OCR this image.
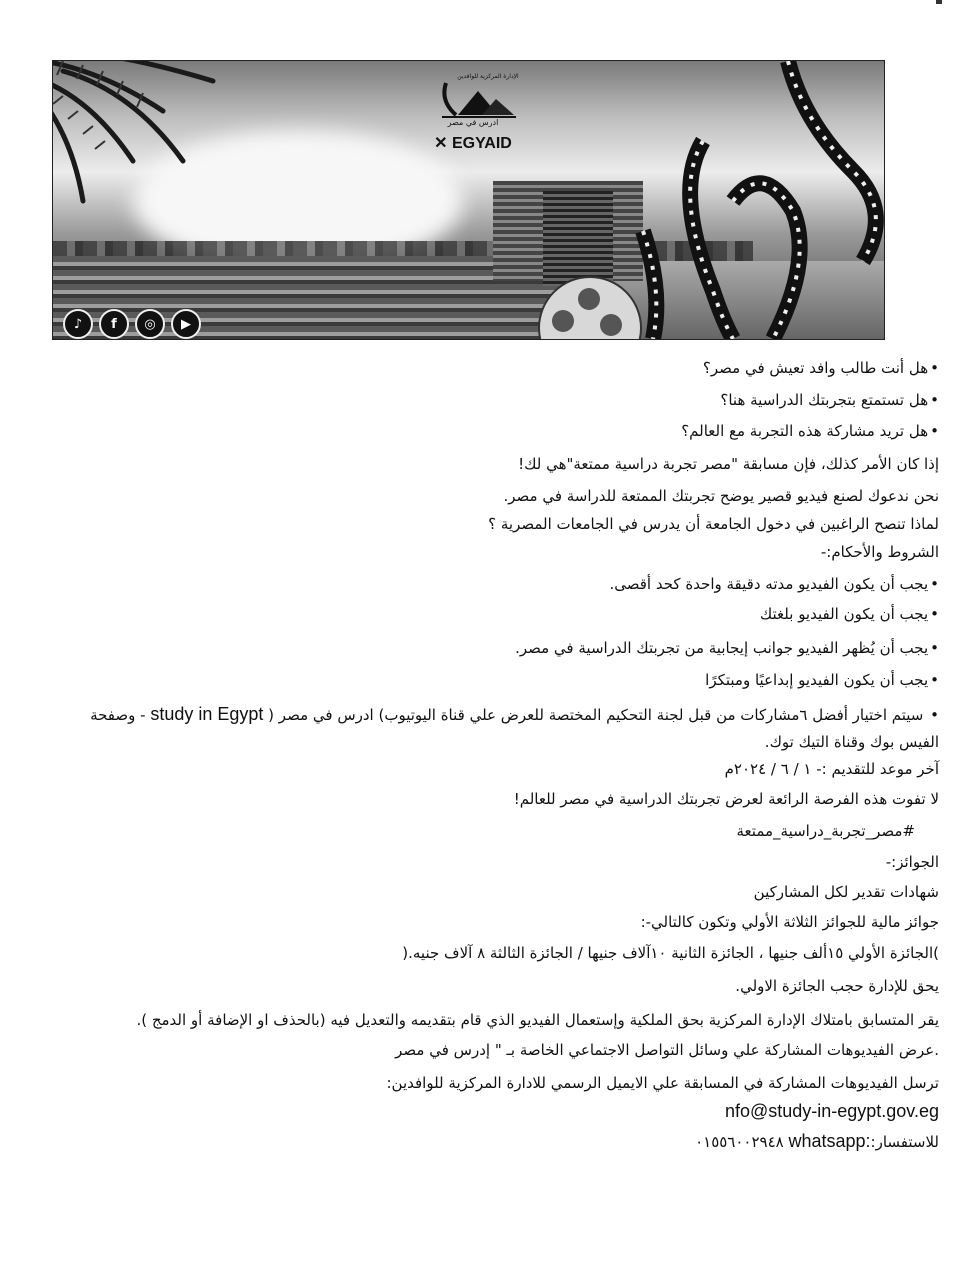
الإدارة المركزية للوافدين
ادرس في مصر
✕ EGYAID
♪	f	◎	▶
• هل أنت طالب وافد تعيش في مصر؟
• هل تستمتع بتجربتك الدراسية هنا؟
• هل تريد مشاركة هذه التجربة مع العالم؟
إذا كان الأمر كذلك، فإن مسابقة "مصر تجربة دراسية ممتعة"هي لك!
نحن ندعوك لصنع فيديو قصير يوضح تجربتك الممتعة للدراسة في مصر.
لماذا تنصح الراغبين في دخول الجامعة أن يدرس في الجامعات المصرية ؟
الشروط والأحكام:-
• يجب أن يكون الفيديو مدته دقيقة واحدة كحد أقصى.
• يجب أن يكون الفيديو بلغتك
• يجب أن يُظهر الفيديو جوانب إيجابية من تجربتك الدراسية في مصر.
• يجب أن يكون الفيديو إبداعيًا ومبتكرًا
• سيتم اختيار أفضل ٦مشاركات من قبل لجنة التحكيم المختصة للعرض علي قناة اليوتيوب) ادرس في مصر ( study in Egypt - وصفحة
الفيس بوك وقناة التيك توك.
آخر موعد للتقديم :- ١ / ٦ / ٢٠٢٤م
لا تفوت هذه الفرصة الرائعة لعرض تجربتك الدراسية في مصر للعالم!
#مصر_تجربة_دراسية_ممتعة
الجوائز:-
شهادات تقدير لكل المشاركين
جوائز مالية للجوائز الثلاثة الأولي وتكون كالتالي-:
)الجائزة الأولي ١٥ألف جنيها ، الجائزة الثانية ١٠آلاف جنيها / الجائزة الثالثة ٨ آلاف جنيه.(
يحق للإدارة حجب الجائزة الاولي.
يقر المتسابق بامتلاك الإدارة المركزية بحق الملكية وإستعمال الفيديو الذي قام بتقديمه والتعديل فيه (بالحذف او الإضافة أو الدمج ).
.عرض الفيديوهات المشاركة علي وسائل التواصل الاجتماعي الخاصة بـ " إدرس في مصر
ترسل الفيديوهات المشاركة في المسابقة علي الايميل الرسمي للادارة المركزية للوافدين:
nfo@study-in-egypt.gov.eg
للاستفسار:whatsapp: ٠١٥٥٦٠٠٢٩٤٨
